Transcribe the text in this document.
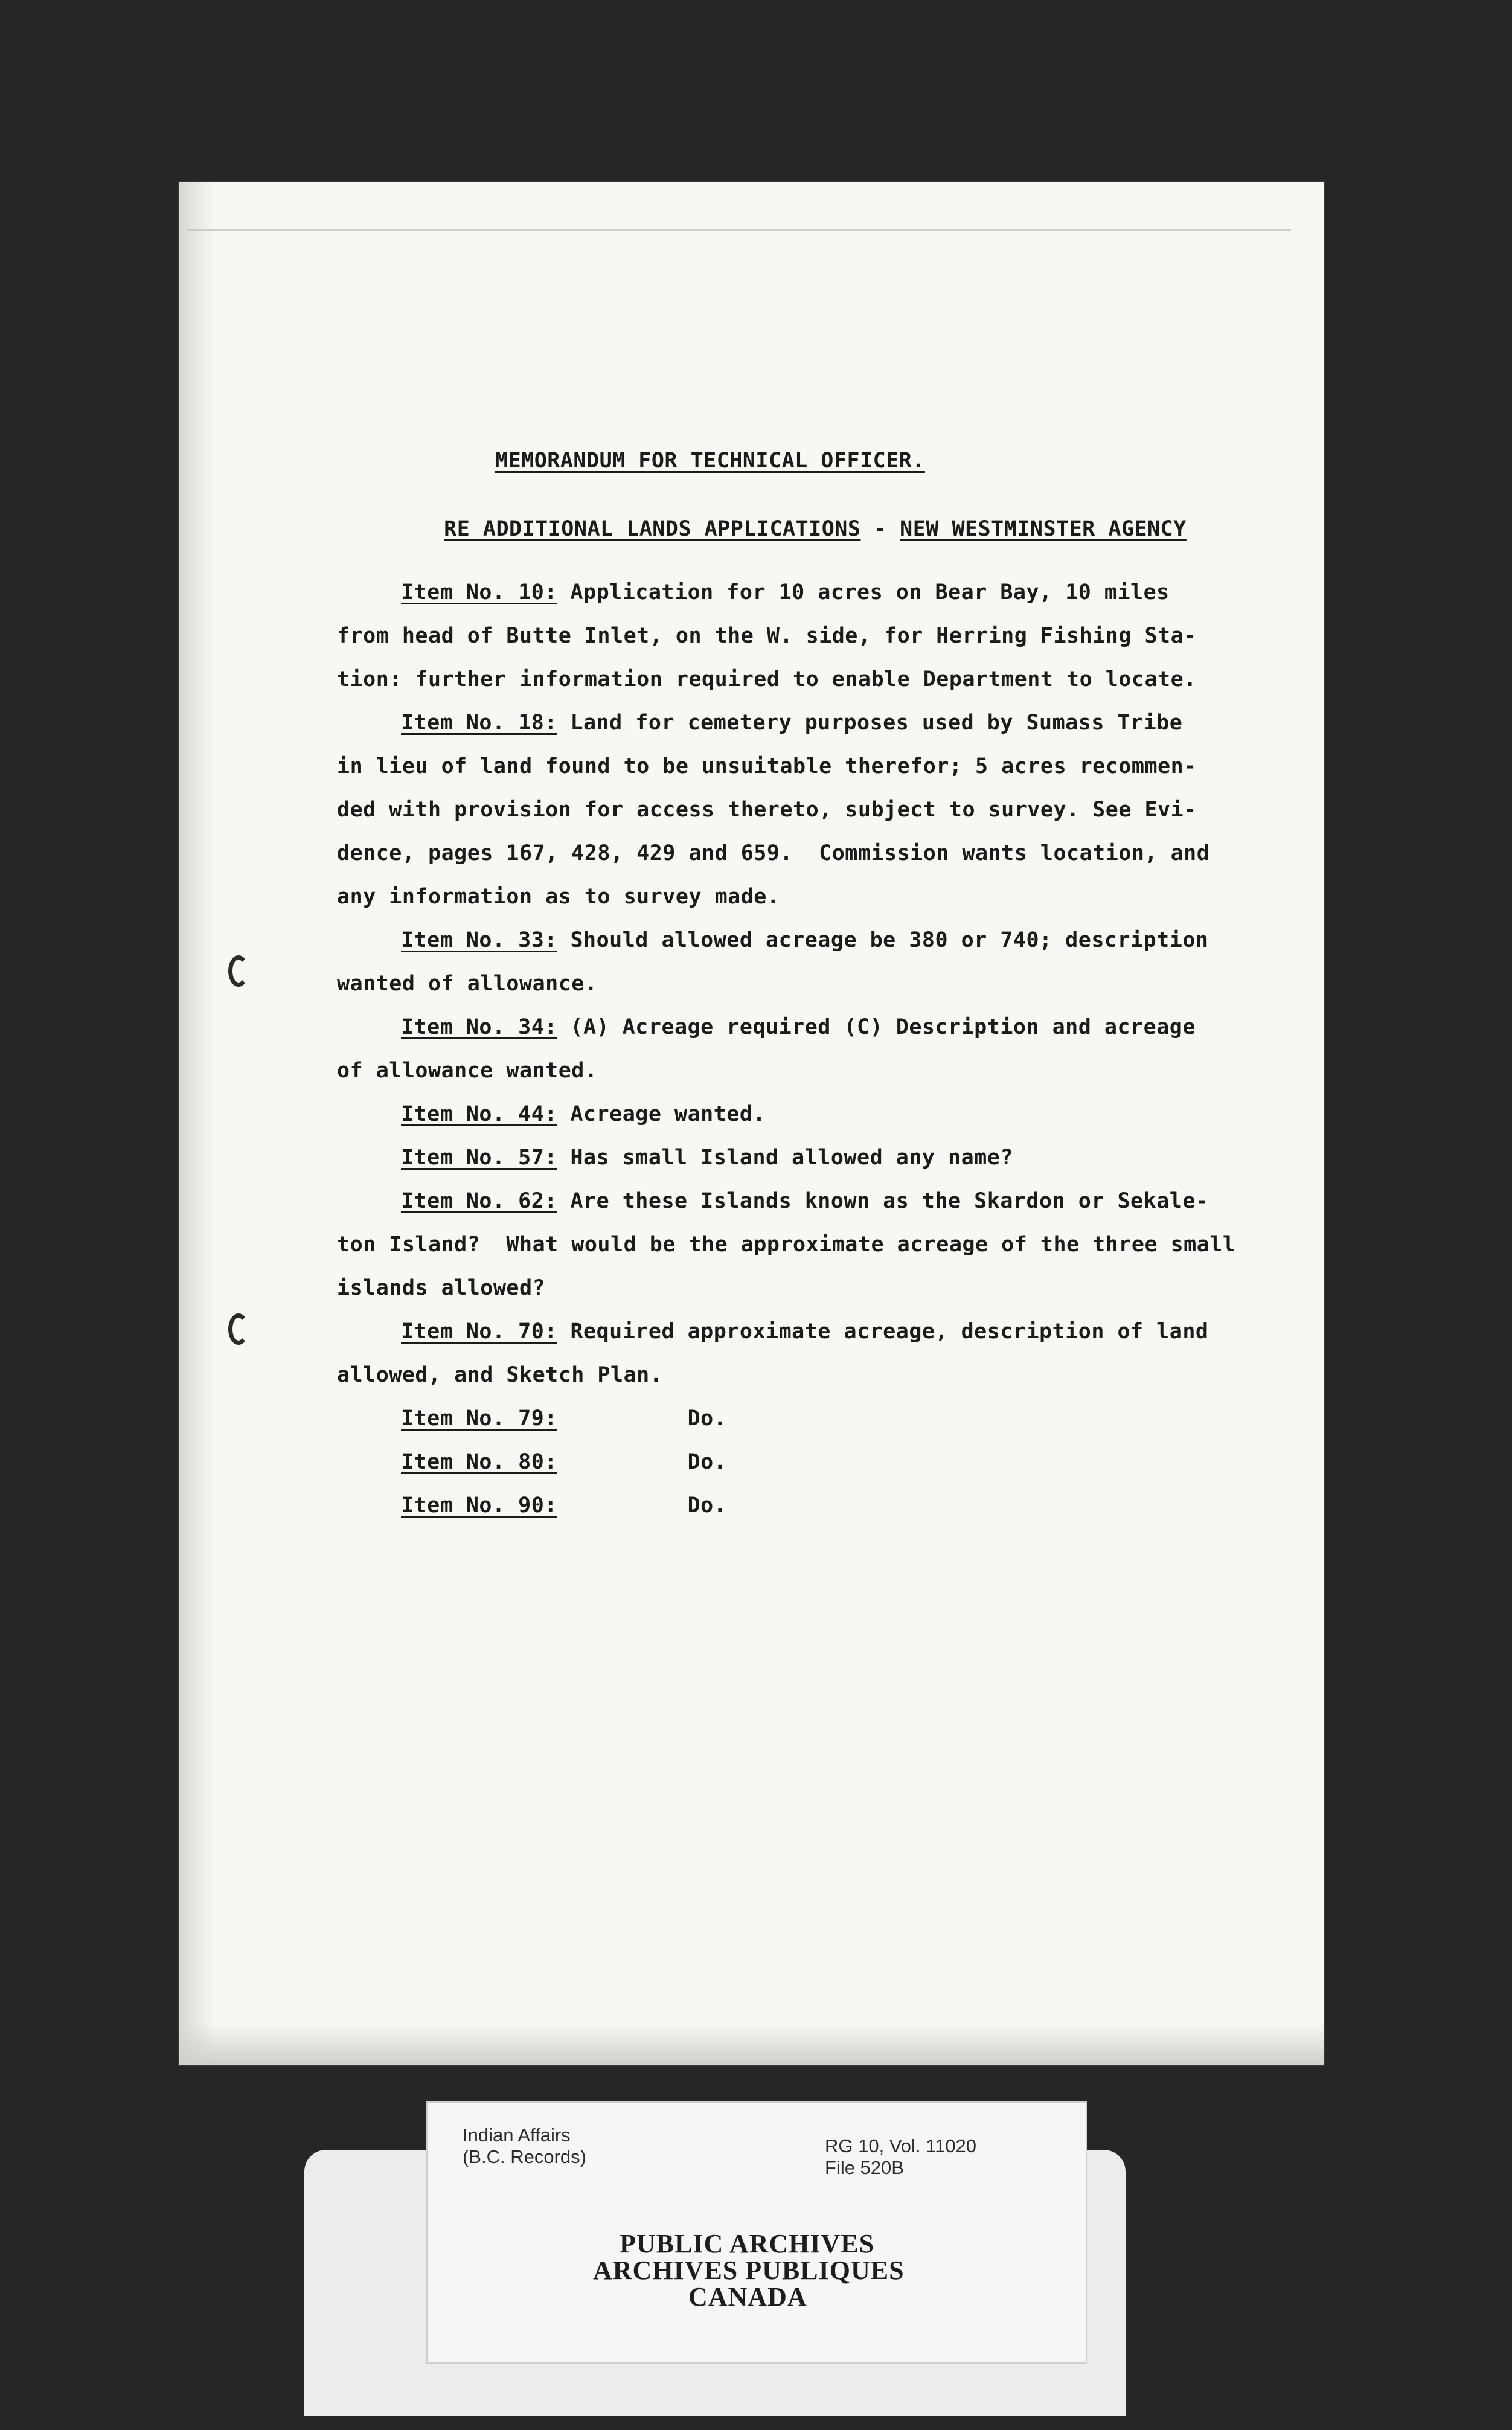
MEMORANDUM FOR TECHNICAL OFFICER.

RE ADDITIONAL LANDS APPLICATIONS - NEW WESTMINSTER AGENCY

Item No. 10: Application for 10 acres on Bear Bay, 10 miles
from head of Butte Inlet, on the W. side, for Herring Fishing Sta-
tion: further information required to enable Department to locate.
Item No. 18: Land for cemetery purposes used by Sumass Tribe
in lieu of land found to be unsuitable therefor; 5 acres recommen-
ded with provision for access thereto, subject to survey. See Evi-
dence, pages 167, 428, 429 and 659.  Commission wants location, and
any information as to survey made.
Item No. 33: Should allowed acreage be 380 or 740; description
wanted of allowance.
Item No. 34: (A) Acreage required (C) Description and acreage
of allowance wanted.
Item No. 44: Acreage wanted.
Item No. 57: Has small Island allowed any name?
Item No. 62: Are these Islands known as the Skardon or Sekale-
ton Island?  What would be the approximate acreage of the three small
islands allowed?
Item No. 70: Required approximate acreage, description of land
allowed, and Sketch Plan.
Item No. 79:          Do.
Item No. 80:          Do.
Item No. 90:          Do.
Indian Affairs
(B.C. Records)
RG 10, Vol. 11020
File 520B
PUBLIC ARCHIVES
ARCHIVES PUBLIQUES
CANADA
